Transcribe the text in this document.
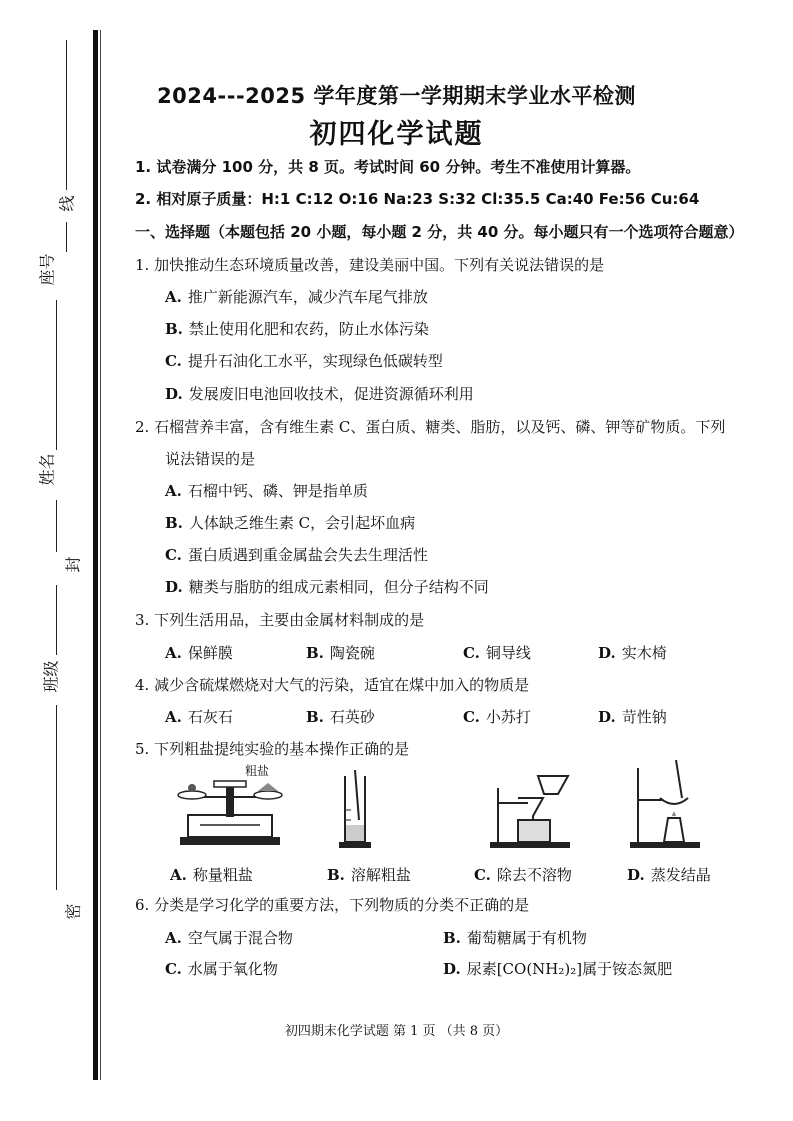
线
座号
姓名
封
班级
密
2024---2025 学年度第一学期期末学业水平检测
初四化学试题
1. 试卷满分 100 分，共 8 页。考试时间 60 分钟。考生不准使用计算器。
2. 相对原子质量：H:1 C:12 O:16 Na:23 S:32 Cl:35.5 Ca:40 Fe:56 Cu:64
一、选择题（本题包括 20 小题，每小题 2 分，共 40 分。每小题只有一个选项符合题意）
1. 加快推动生态环境质量改善，建设美丽中国。下列有关说法错误的是
A. 推广新能源汽车，减少汽车尾气排放
B. 禁止使用化肥和农药，防止水体污染
C. 提升石油化工水平，实现绿色低碳转型
D. 发展废旧电池回收技术，促进资源循环利用
2. 石榴营养丰富，含有维生素 C、蛋白质、糖类、脂肪，以及钙、磷、钾等矿物质。下列
说法错误的是
A. 石榴中钙、磷、钾是指单质
B. 人体缺乏维生素 C，会引起坏血病
C. 蛋白质遇到重金属盐会失去生理活性
D. 糖类与脂肪的组成元素相同，但分子结构不同
3. 下列生活用品，主要由金属材料制成的是
A. 保鲜膜	B. 陶瓷碗	C. 铜导线	D. 实木椅
4. 减少含硫煤燃烧对大气的污染，适宜在煤中加入的物质是
A. 石灰石	B. 石英砂	C. 小苏打	D. 苛性钠
5. 下列粗盐提纯实验的基本操作正确的是
粗盐
A. 称量粗盐	B. 溶解粗盐	C. 除去不溶物	D. 蒸发结晶
6. 分类是学习化学的重要方法，下列物质的分类不正确的是
A. 空气属于混合物	B. 葡萄糖属于有机物
C. 水属于氧化物	D. 尿素[CO(NH₂)₂]属于铵态氮肥
初四期末化学试题 第 1 页 （共 8 页）
